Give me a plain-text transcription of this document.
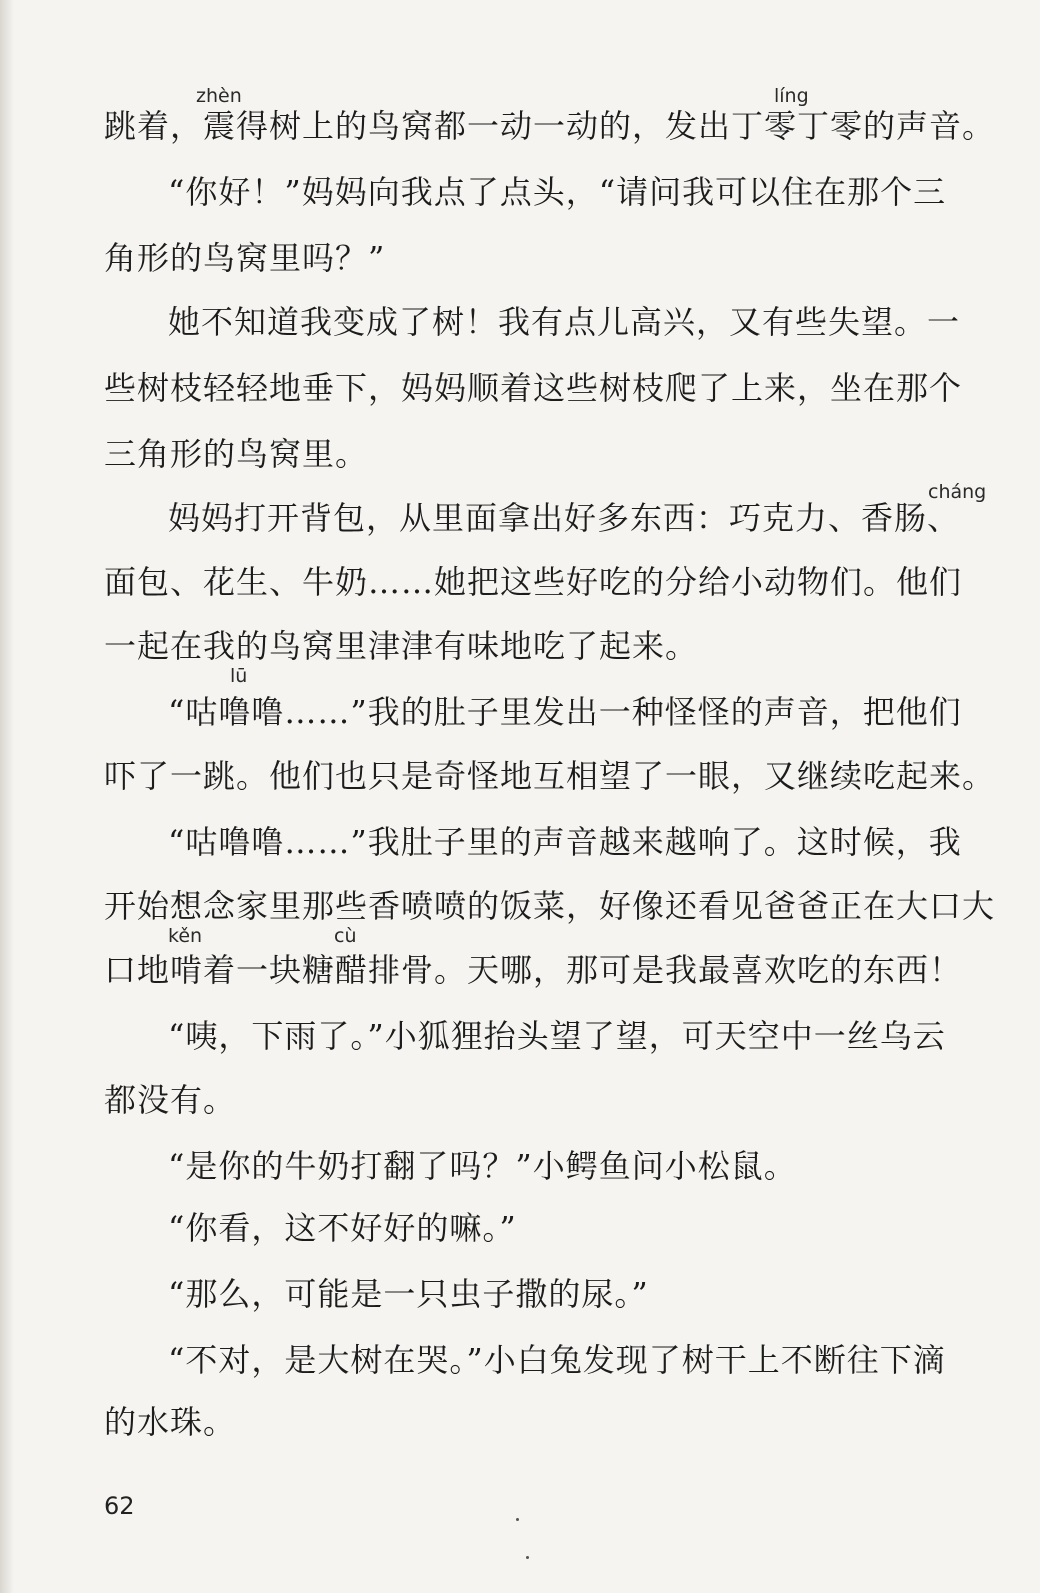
zhèn	líng
cháng
lū
kěn	cù
跳着，震得树上的鸟窝都一动一动的，发出丁零丁零的声音。
“你好！”妈妈向我点了点头，“请问我可以住在那个三
角形的鸟窝里吗？”
她不知道我变成了树！我有点儿高兴，又有些失望。一
些树枝轻轻地垂下，妈妈顺着这些树枝爬了上来，坐在那个
三角形的鸟窝里。
妈妈打开背包，从里面拿出好多东西：巧克力、香肠、
面包、花生、牛奶……她把这些好吃的分给小动物们。他们
一起在我的鸟窝里津津有味地吃了起来。
“咕噜噜……”我的肚子里发出一种怪怪的声音，把他们
吓了一跳。他们也只是奇怪地互相望了一眼，又继续吃起来。
“咕噜噜……”我肚子里的声音越来越响了。这时候，我
开始想念家里那些香喷喷的饭菜，好像还看见爸爸正在大口大
口地啃着一块糖醋排骨。天哪，那可是我最喜欢吃的东西！
“咦，下雨了。”小狐狸抬头望了望，可天空中一丝乌云
都没有。
“是你的牛奶打翻了吗？”小鳄鱼问小松鼠。
“你看，这不好好的嘛。”
“那么，可能是一只虫子撒的尿。”
“不对，是大树在哭。”小白兔发现了树干上不断往下滴
的水珠。
62
